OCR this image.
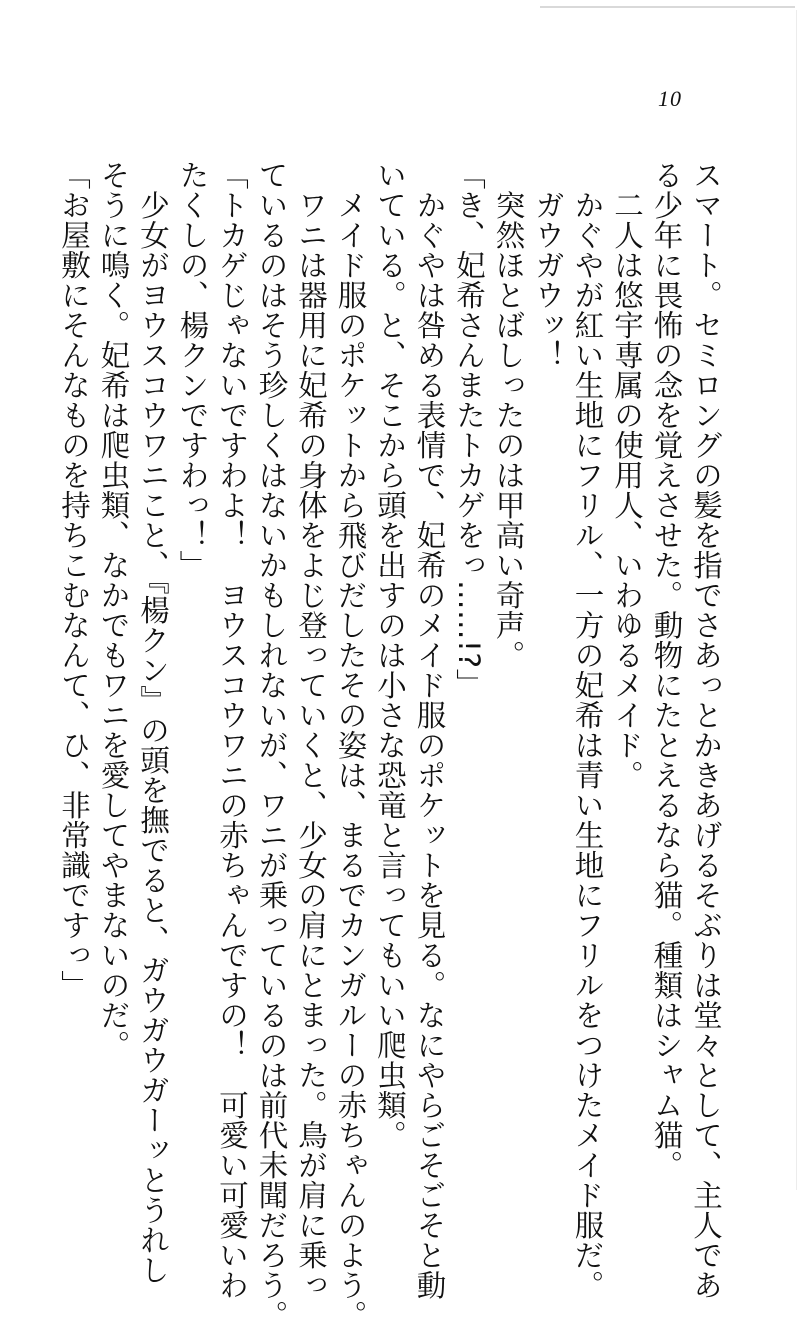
10
スマート。セミロングの髪を指でさあっとかきあげるそぶりは堂々として、主人であ
る少年に畏怖の念を覚えさせた。動物にたとえるなら猫。種類はシャム猫。
二人は悠宇専属の使用人、いわゆるメイド。
かぐやが紅い生地にフリル、一方の妃希は青い生地にフリルをつけたメイド服だ。
ガウガウッ！
突然ほとばしったのは甲高い奇声。
「き、妃希さんまたトカゲをっ……!?」
かぐやは咎める表情で、妃希のメイド服のポケットを見る。なにやらごそごそと動
いている。と、そこから頭を出すのは小さな恐竜と言ってもいい爬虫類。
メイド服のポケットから飛びだしたその姿は、まるでカンガルーの赤ちゃんのよう。
ワニは器用に妃希の身体をよじ登っていくと、少女の肩にとまった。鳥が肩に乗っ
ているのはそう珍しくはないかもしれないが、ワニが乗っているのは前代未聞だろう。
「トカゲじゃないですわよ！　ヨウスコウワニの赤ちゃんですの！　可愛い可愛いわ
たくしの、楊クンですわっ！」
少女がヨウスコウワニこと、『楊クン』の頭を撫でると、ガウガウガーッとうれし
そうに鳴く。妃希は爬虫類、なかでもワニを愛してやまないのだ。
「お屋敷にそんなものを持ちこむなんて、ひ、非常識ですっ」
